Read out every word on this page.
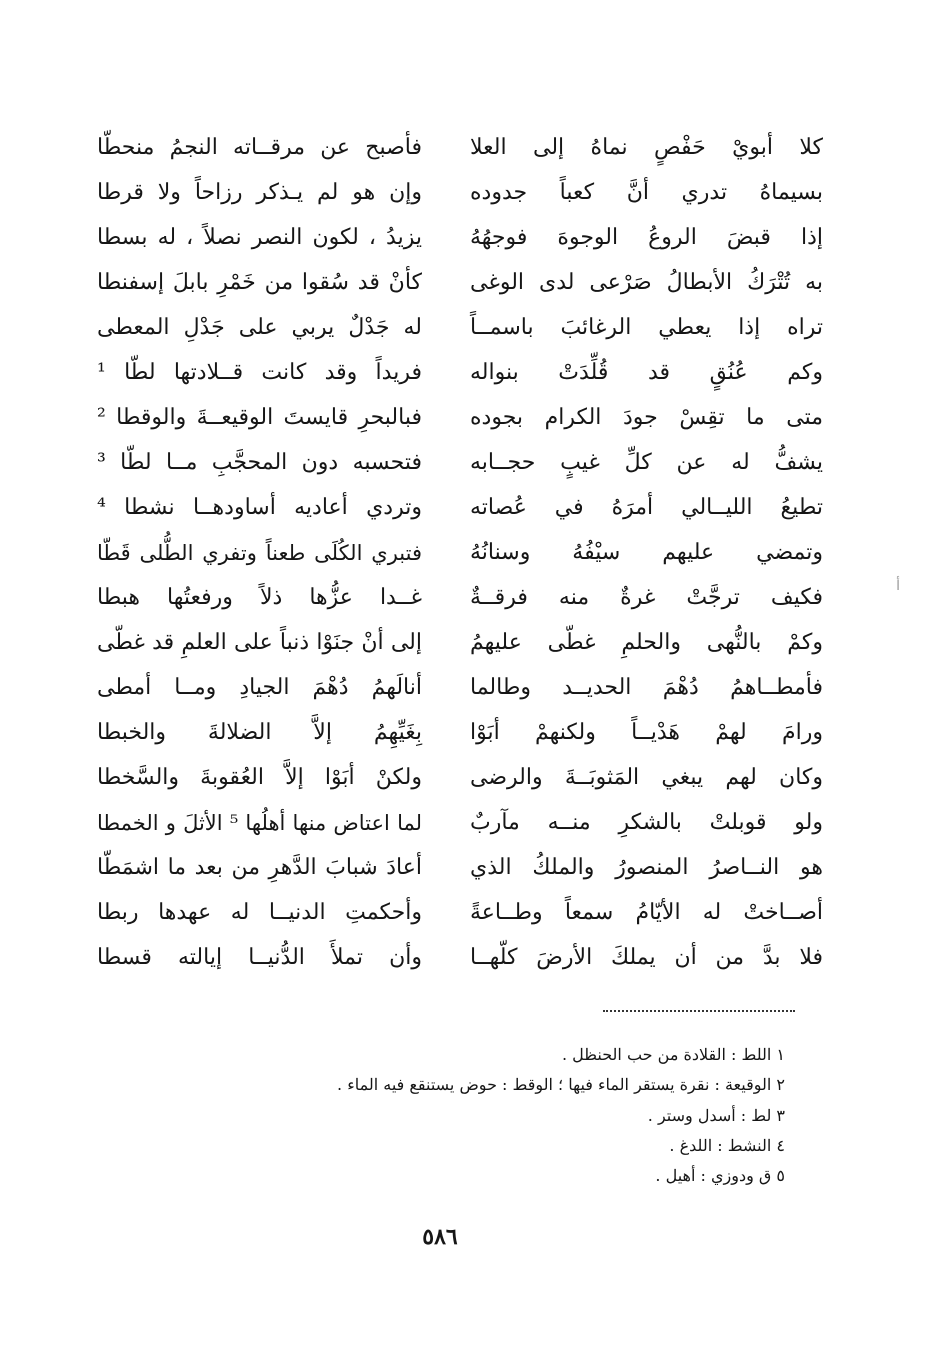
كلا أبويْ حَفْصٍ نماهُ إلى العلا
بسيماهُ تدري أنَّ كعباً جدوده
إذا قبضَ الروعُ الوجوهَ فوجهُهُ
به تُتْرَكُ الأبطالُ صَرْعى لدى الوغى
تراه إذا يعطي الرغائبَ باسمــاً
وكم عُنُقٍ قد قُلِّدَتْ بنواله
متى ما تقِسْ جودَ الكرام بجوده
يشفُّ له عن كلِّ غيبٍ حجــابه
تطيعُ الليــالي أمرَهُ في عُصاته
وتمضي عليهم سيْفُهُ وسنانُهُ
فكيف ترجَّتْ غرةٌ منه فرقــةٌ
وكمْ بالنُّهى والحلمِ غطّى عليهمُ
فأمطــاهمُ دُهْمَ الحديــد وطالما
ورامَ لهمْ هَدْيــاً ولكنهمْ أبَوْا
وكان لهم يبغي المَثوبَــةَ والرضى
ولو قوبلتْ بالشكرِ منــه مآربٌ
هو النــاصرُ المنصورُ والملكُ الذي
أصــاختْ له الأيّامُ سمعاً وطــاعةً
فلا بدَّ من أن يملكَ الأرضَ كلّهــا
فأصبح عن مرقــاته النجمُ منحطّا
وإن هو لم يـذكر رزاحاً ولا قرطا
يزيدُ ، لكون النصر نصلاً ، له بسطا
كأنْ قد سُقوا من خَمْرِ بابلَ إسفنطا
له جَدْلٌ يربي على جَدْلِ المعطى
فريداً وقد كانت قــلادتها لطّا ¹
فبالبحرِ قايستَ الوقيعــةَ والوقطا ²
فتحسبه دون المحجَّبِ مــا لطّا ³
وتردي أعاديه أساودهــا نشطا ⁴
فتبري الكُلَى طعناً وتفري الطُّلى قَطّا
غــدا عزُّها ذلاً ورفعتُها هبطا
إلى أنْ جنَوْا ذنباً على العلمِ قد غطّى
أنالَهمُ دُهْمَ الجيادِ ومــا أمطى
بِغَيِّهِمُ إلاَّ الضلالةَ والخبطا
ولكنْ أبَوْا إلاَّ العُقوبةَ والسَّخطا
لما اعتاض منها أهلُها ⁵ الأثلَ و الخمطا
أعادَ شبابَ الدَّهرِ من بعد ما اشمَطّا
وأحكمتِ الدنيــا له عهدها ربطا
وأن تملأَ الدُّنيــا إيالته قسطا
ﺃ
١ اللط : القلادة من حب الحنظل .
٢ الوقيعة : نقرة يستقر الماء فيها ؛ الوقط : حوض يستنقع فيه الماء .
٣ لط : أسدل وستر .
٤ النشط : اللدغ .
٥ ق ودوزي : أهيل .
٥٨٦
